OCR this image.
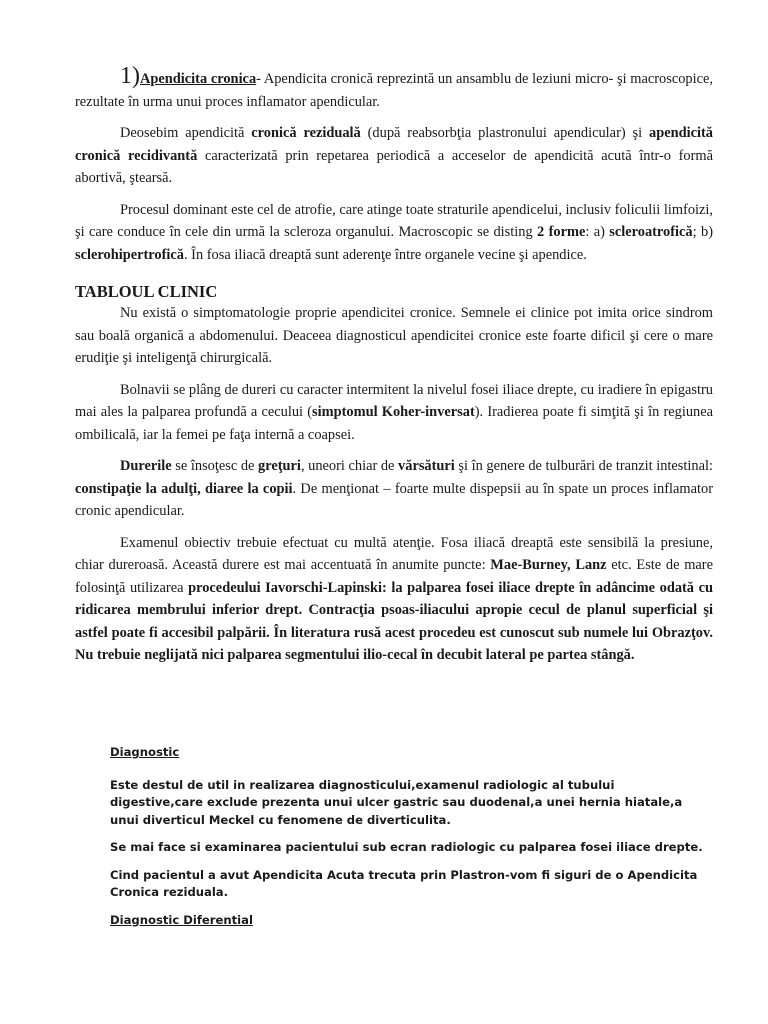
1)Apendicita cronica- Apendicita cronică reprezintă un ansamblu de leziuni micro- şi macroscopice, rezultate în urma unui proces inflamator apendicular.

Deosebim apendicită cronică reziduală (după reabsorbţia plastronului apendicular) şi apendicită cronică recidivantă caracterizată prin repetarea periodică a acceselor de apendicită acută într-o formă abortivă, ştearsă.

Procesul dominant este cel de atrofie, care atinge toate straturile apendicelui, inclusiv foliculii limfoizi, şi care conduce în cele din urmă la scleroza organului. Macroscopic se disting 2 forme: a) scleroatrofică; b) sclerohipertrofică. În fosa iliacă dreaptă sunt aderenţe între organele vecine şi apendice.

TABLOUL CLINIC

Nu există o simptomatologie proprie apendicitei cronice. Semnele ei clinice pot imita orice sindrom sau boală organică a abdomenului. Deaceea diagnosticul apendicitei cronice este foarte dificil şi cere o mare erudiţie şi inteligenţă chirurgicală.

Bolnavii se plâng de dureri cu caracter intermitent la nivelul fosei iliace drepte, cu iradiere în epigastru mai ales la palparea profundă a cecului (simptomul Koher-inversat). Iradierea poate fi simţită şi în regiunea ombilicală, iar la femei pe faţa internă a coapsei.

Durerile se însoţesc de greţuri, uneori chiar de vărsături şi în genere de tulburări de tranzit intestinal: constipaţie la adulţi, diaree la copii. De menţionat – foarte multe dispepsii au în spate un proces inflamator cronic apendicular.

Examenul obiectiv trebuie efectuat cu multă atenţie. Fosa iliacă dreaptă este sensibilă la presiune, chiar dureroasă. Această durere est mai accentuată în anumite puncte: Mae-Burney, Lanz etc. Este de mare folosinţă utilizarea procedeului Iavorschi-Lapinski: la palparea fosei iliace drepte în adâncime odată cu ridicarea membrului inferior drept. Contracţia psoas-iliacului apropie cecul de planul superficial şi astfel poate fi accesibil palpării. În literatura rusă acest procedeu est cunoscut sub numele lui Obrazţov. Nu trebuie neglijată nici palparea segmentului ilio-cecal în decubit lateral pe partea stângă.

Diagnostic

Este destul de util in realizarea diagnosticului,examenul radiologic al tubului digestive,care exclude prezenta unui ulcer gastric sau duodenal,a unei hernia hiatale,a unui diverticul Meckel cu fenomene de diverticulita.

Se mai face si examinarea pacientului sub ecran radiologic cu palparea fosei iliace drepte.

Cind pacientul a avut Apendicita Acuta trecuta prin Plastron-vom fi siguri de o Apendicita Cronica reziduala.

Diagnostic Diferential
